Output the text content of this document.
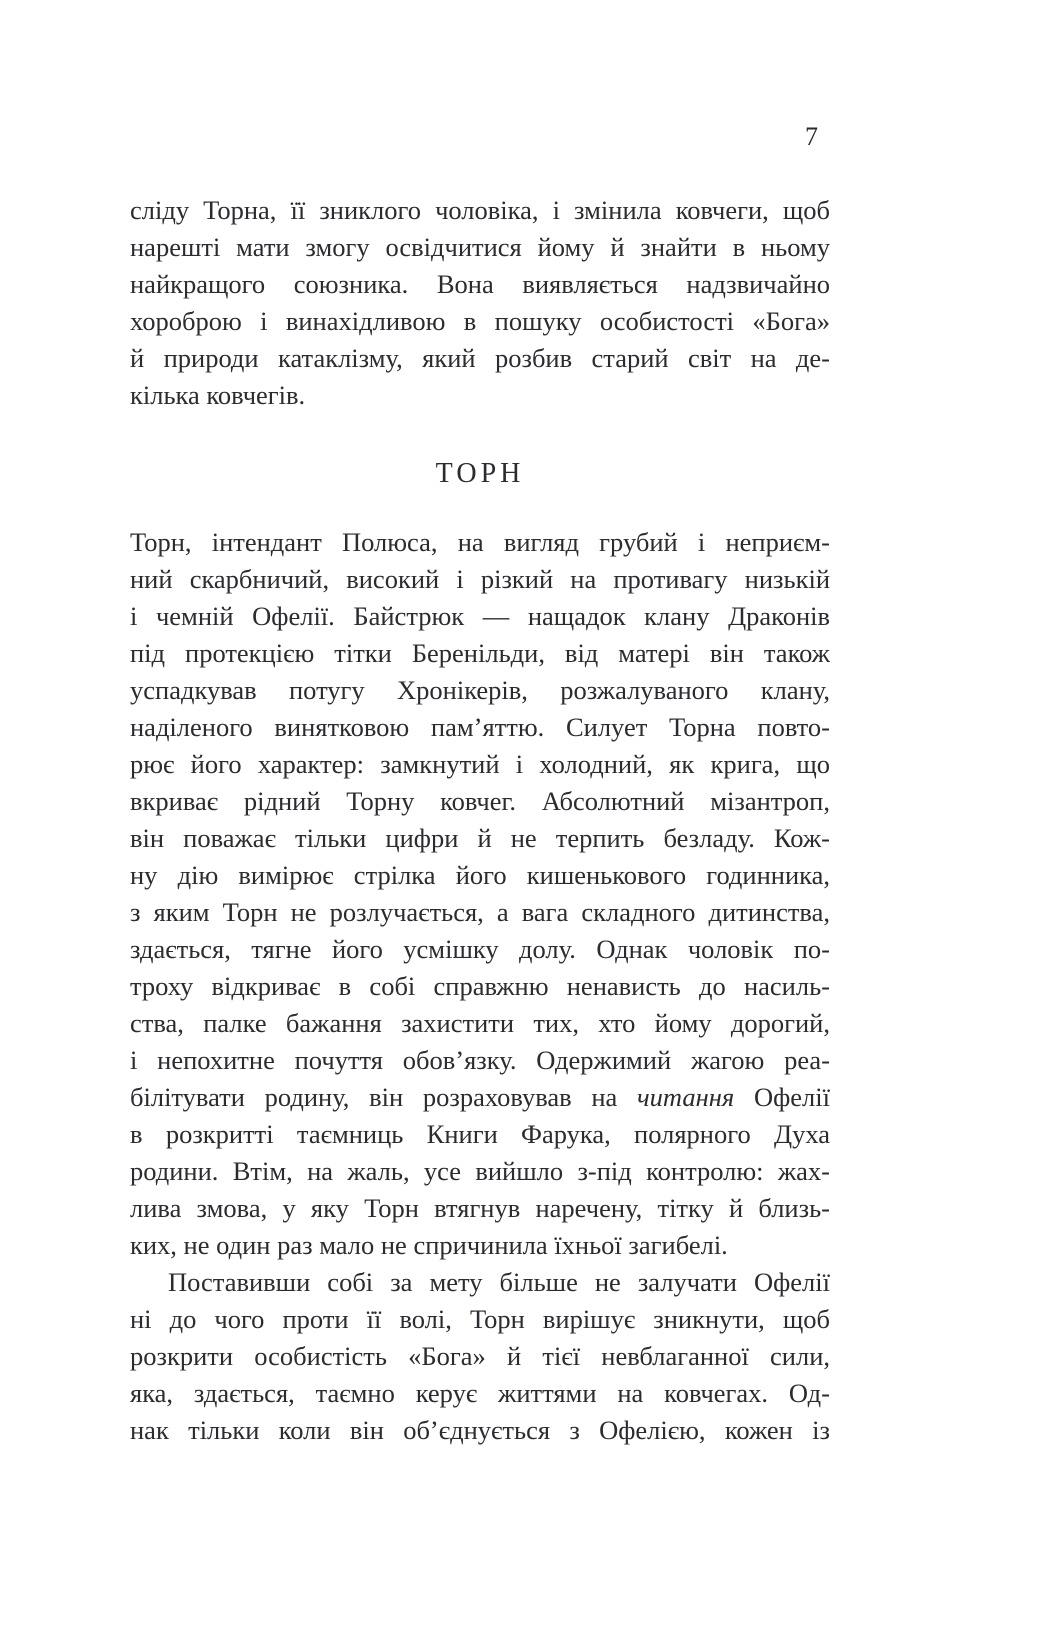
7
сліду Торна, її зниклого чоловіка, і змінила ковчеги, щоб
нарешті мати змогу освідчитися йому й знайти в ньому
найкращого союзника. Вона виявляється надзвичайно
хороброю і винахідливою в пошуку особистості «Бога»
й природи катаклізму, який розбив старий світ на де-
кілька ковчегів.
ТОРН
Торн, інтендант Полюса, на вигляд грубий і неприєм-
ний скарбничий, високий і різкий на противагу низькій
і чемній Офелії. Байстрюк — нащадок клану Драконів
під протекцією тітки Беренільди, від матері він також
успадкував потугу Хронікерів, розжалуваного клану,
наділеного винятковою пам’яттю. Силует Торна повто-
рює його характер: замкнутий і холодний, як крига, що
вкриває рідний Торну ковчег. Абсолютний мізантроп,
він поважає тільки цифри й не терпить безладу. Кож-
ну дію вимірює стрілка його кишенькового годинника,
з яким Торн не розлучається, а вага складного дитинства,
здається, тягне його усмішку долу. Однак чоловік по-
троху відкриває в собі справжню ненависть до насиль-
ства, палке бажання захистити тих, хто йому дорогий,
і непохитне почуття обов’язку. Одержимий жагою реа-
білітувати родину, він розраховував на читання Офелії
в розкритті таємниць Книги Фарука, полярного Духа
родини. Втім, на жаль, усе вийшло з-під контролю: жах-
лива змова, у яку Торн втягнув наречену, тітку й близь-
ких, не один раз мало не спричинила їхньої загибелі.
Поставивши собі за мету більше не залучати Офелії
ні до чого проти її волі, Торн вирішує зникнути, щоб
розкрити особистість «Бога» й тієї невблаганної сили,
яка, здається, таємно керує життями на ковчегах. Од-
нак тільки коли він об’єднується з Офелією, кожен із
